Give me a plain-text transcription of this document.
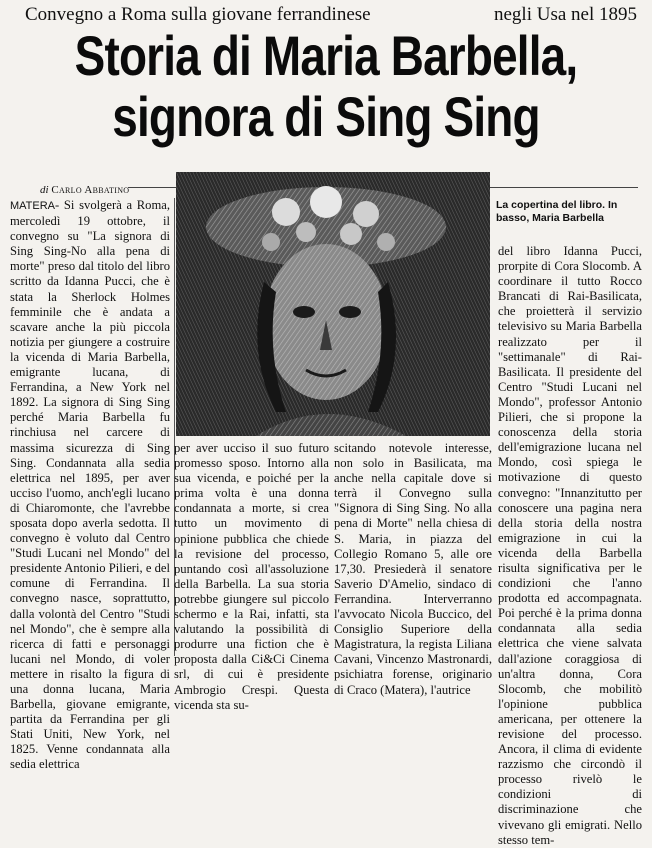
Convegno a Roma sulla giovane ferrandinese	negli Usa nel 1895
Storia di Maria Barbella,
signora di Sing Sing
di Carlo Abbatino
MATERA- Si svolgerà a Roma, mercoledì 19 ottobre, il convegno su "La signora di Sing Sing-No alla pena di morte" preso dal titolo del libro scritto da Idanna Pucci, che è stata la Sherlock Holmes femminile che è andata a scavare anche la più piccola notizia per giungere a costruire la vicenda di Maria Barbella, emigrante lucana, di Ferrandina, a New York nel 1892. La signora di Sing Sing perché Maria Barbella fu rinchiusa nel carcere di massima sicurezza di Sing Sing. Condannata alla sedia elettrica nel 1895, per aver ucciso l'uomo, anch'egli lucano di Chiaromonte, che l'avrebbe sposata dopo averla sedotta. Il convegno è voluto dal Centro "Studi Lucani nel Mondo" del presidente Antonio Pilieri, e del comune di Ferrandina. Il convegno nasce, soprattutto, dalla volontà del Centro "Studi nel Mondo", che è sempre alla ricerca di fatti e personaggi lucani nel Mondo, di voler mettere in risalto la figura di una donna lucana, Maria Barbella, giovane emigrante, partita da Ferrandina per gli Stati Uniti, New York, nel 1825. Venne condannata alla sedia elettrica
La copertina del libro. In basso, Maria Barbella
per aver ucciso il suo futuro promesso sposo. Intorno alla sua vicenda, e poiché per la prima volta è una donna condannata a morte, si crea tutto un movimento di opinione pubblica che chiede la revisione del processo, puntando così all'assoluzione della Barbella. La sua storia potrebbe giungere sul piccolo schermo e la Rai, infatti, sta valutando la possibilità di produrre una fiction che è proposta dalla Ci&Ci Cinema srl, di cui è presidente Ambrogio Crespi. Questa vicenda sta su-
scitando notevole interesse, non solo in Basilicata, ma anche nella capitale dove si terrà il Convegno sulla "Signora di Sing Sing. No alla pena di Morte" nella chiesa di S. Maria, in piazza del Collegio Romano 5, alle ore 17,30. Presiederà il senatore Saverio D'Amelio, sindaco di Ferrandina. Interverranno l'avvocato Nicola Buccico, del Consiglio Superiore della Magistratura, la regista Liliana Cavani, Vincenzo Mastronardi, psichiatra forense, originario di Craco (Matera), l'autrice
del libro Idanna Pucci, prorpite di Cora Slocomb. A coordinare il tutto Rocco Brancati di Rai-Basilicata, che proietterà il servizio televisivo su Maria Barbella realizzato per il "settimanale" di Rai-Basilicata. Il presidente del Centro "Studi Lucani nel Mondo", professor Antonio Pilieri, che si propone la conoscenza della storia dell'emigrazione lucana nel Mondo, così spiega le motivazione di questo convegno: "Innanzitutto per conoscere una pagina nera della storia della nostra emigrazione in cui la vicenda della Barbella risulta significativa per le condizioni che l'anno prodotta ed accompagnata. Poi perché è la prima donna condannata alla sedia elettrica che viene salvata dall'azione coraggiosa di un'altra donna, Cora Slocomb, che mobilitò l'opinione pubblica americana, per ottenere la revisione del processo. Ancora, il clima di evidente razzismo che circondò il processo rivelò le condizioni di discriminazione che vivevano gli emigrati. Nello stesso tem-
